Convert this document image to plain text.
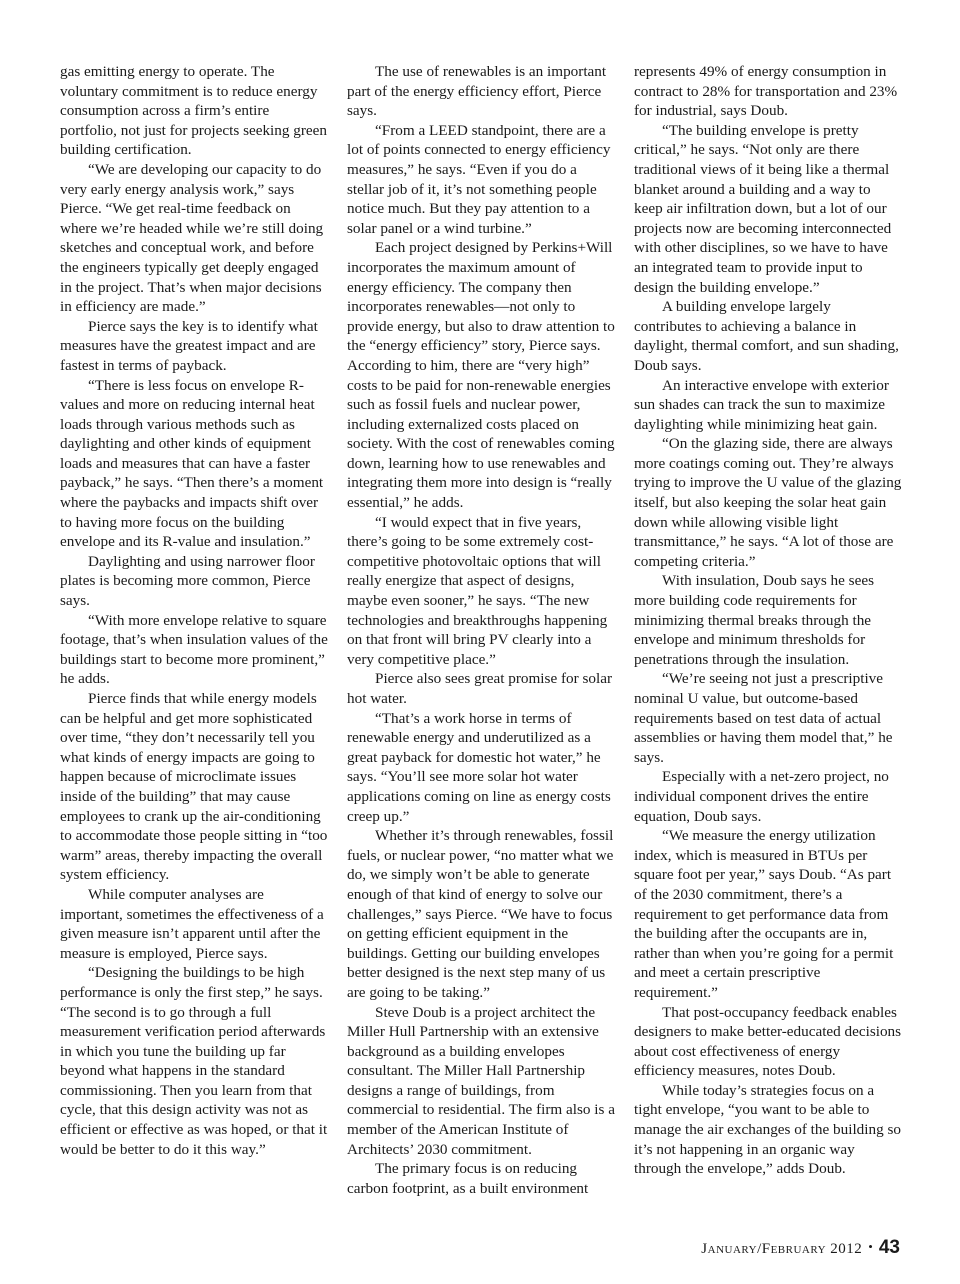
gas emitting energy to operate. The voluntary commitment is to reduce energy consumption across a firm’s entire portfolio, not just for projects seeking green building certification.

“We are developing our capacity to do very early energy analysis work,” says Pierce. “We get real-time feedback on where we’re headed while we’re still doing sketches and conceptual work, and before the engineers typically get deeply engaged in the project. That’s when major decisions in efficiency are made.”

Pierce says the key is to identify what measures have the greatest impact and are fastest in terms of payback.

“There is less focus on envelope R-values and more on reducing internal heat loads through various methods such as daylighting and other kinds of equipment loads and measures that can have a faster payback,” he says. “Then there’s a moment where the paybacks and impacts shift over to having more focus on the building envelope and its R-value and insulation.”

Daylighting and using narrower floor plates is becoming more common, Pierce says.

“With more envelope relative to square footage, that’s when insulation values of the buildings start to become more prominent,” he adds.

Pierce finds that while energy models can be helpful and get more sophisticated over time, “they don’t necessarily tell you what kinds of energy impacts are going to happen because of microclimate issues inside of the building” that may cause employees to crank up the air-conditioning to accommodate those people sitting in “too warm” areas, thereby impacting the overall system efficiency.

While computer analyses are important, sometimes the effectiveness of a given measure isn’t apparent until after the measure is employed, Pierce says.

“Designing the buildings to be high performance is only the first step,” he says. “The second is to go through a full measurement verification period afterwards in which you tune the building up far beyond what happens in the standard commissioning. Then you learn from that cycle, that this design activity was not as efficient or effective as was hoped, or that it would be better to do it this way.”

The use of renewables is an important part of the energy efficiency effort, Pierce says.

“From a LEED standpoint, there are a lot of points connected to energy efficiency measures,” he says. “Even if you do a stellar job of it, it’s not something people notice much. But they pay attention to a solar panel or a wind turbine.”

Each project designed by Perkins+Will incorporates the maximum amount of energy efficiency. The company then incorporates renewables—not only to provide energy, but also to draw attention to the “energy efficiency” story, Pierce says. According to him, there are “very high” costs to be paid for non-renewable energies such as fossil fuels and nuclear power, including externalized costs placed on society. With the cost of renewables coming down, learning how to use renewables and integrating them more into design is “really essential,” he adds.

“I would expect that in five years, there’s going to be some extremely cost-competitive photovoltaic options that will really energize that aspect of designs, maybe even sooner,” he says. “The new technologies and breakthroughs happening on that front will bring PV clearly into a very competitive place.”

Pierce also sees great promise for solar hot water.

“That’s a work horse in terms of renewable energy and underutilized as a great payback for domestic hot water,” he says. “You’ll see more solar hot water applications coming on line as energy costs creep up.”

Whether it’s through renewables, fossil fuels, or nuclear power, “no matter what we do, we simply won’t be able to generate enough of that kind of energy to solve our challenges,” says Pierce. “We have to focus on getting efficient equipment in the buildings. Getting our building envelopes better designed is the next step many of us are going to be taking.”

Steve Doub is a project architect the Miller Hull Partnership with an extensive background as a building envelopes consultant. The Miller Hall Partnership designs a range of buildings, from commercial to residential. The firm also is a member of the American Institute of Architects’ 2030 commitment.

The primary focus is on reducing carbon footprint, as a built environment

represents 49% of energy consumption in contract to 28% for transportation and 23% for industrial, says Doub.

“The building envelope is pretty critical,” he says. “Not only are there traditional views of it being like a thermal blanket around a building and a way to keep air infiltration down, but a lot of our projects now are becoming interconnected with other disciplines, so we have to have an integrated team to provide input to design the building envelope.”

A building envelope largely contributes to achieving a balance in daylight, thermal comfort, and sun shading, Doub says.

An interactive envelope with exterior sun shades can track the sun to maximize daylighting while minimizing heat gain.

“On the glazing side, there are always more coatings coming out. They’re always trying to improve the U value of the glazing itself, but also keeping the solar heat gain down while allowing visible light transmittance,” he says. “A lot of those are competing criteria.”

With insulation, Doub says he sees more building code requirements for minimizing thermal breaks through the envelope and minimum thresholds for penetrations through the insulation.

“We’re seeing not just a prescriptive nominal U value, but outcome-based requirements based on test data of actual assemblies or having them model that,” he says.

Especially with a net-zero project, no individual component drives the entire equation, Doub says.

“We measure the energy utilization index, which is measured in BTUs per square foot per year,” says Doub. “As part of the 2030 commitment, there’s a requirement to get performance data from the building after the occupants are in, rather than when you’re going for a permit and meet a certain prescriptive requirement.”

That post-occupancy feedback enables designers to make better-educated decisions about cost effectiveness of energy efficiency measures, notes Doub.

While today’s strategies focus on a tight envelope, “you want to be able to manage the air exchanges of the building so it’s not happening in an organic way through the envelope,” adds Doub.

January/February 2012 • 43
